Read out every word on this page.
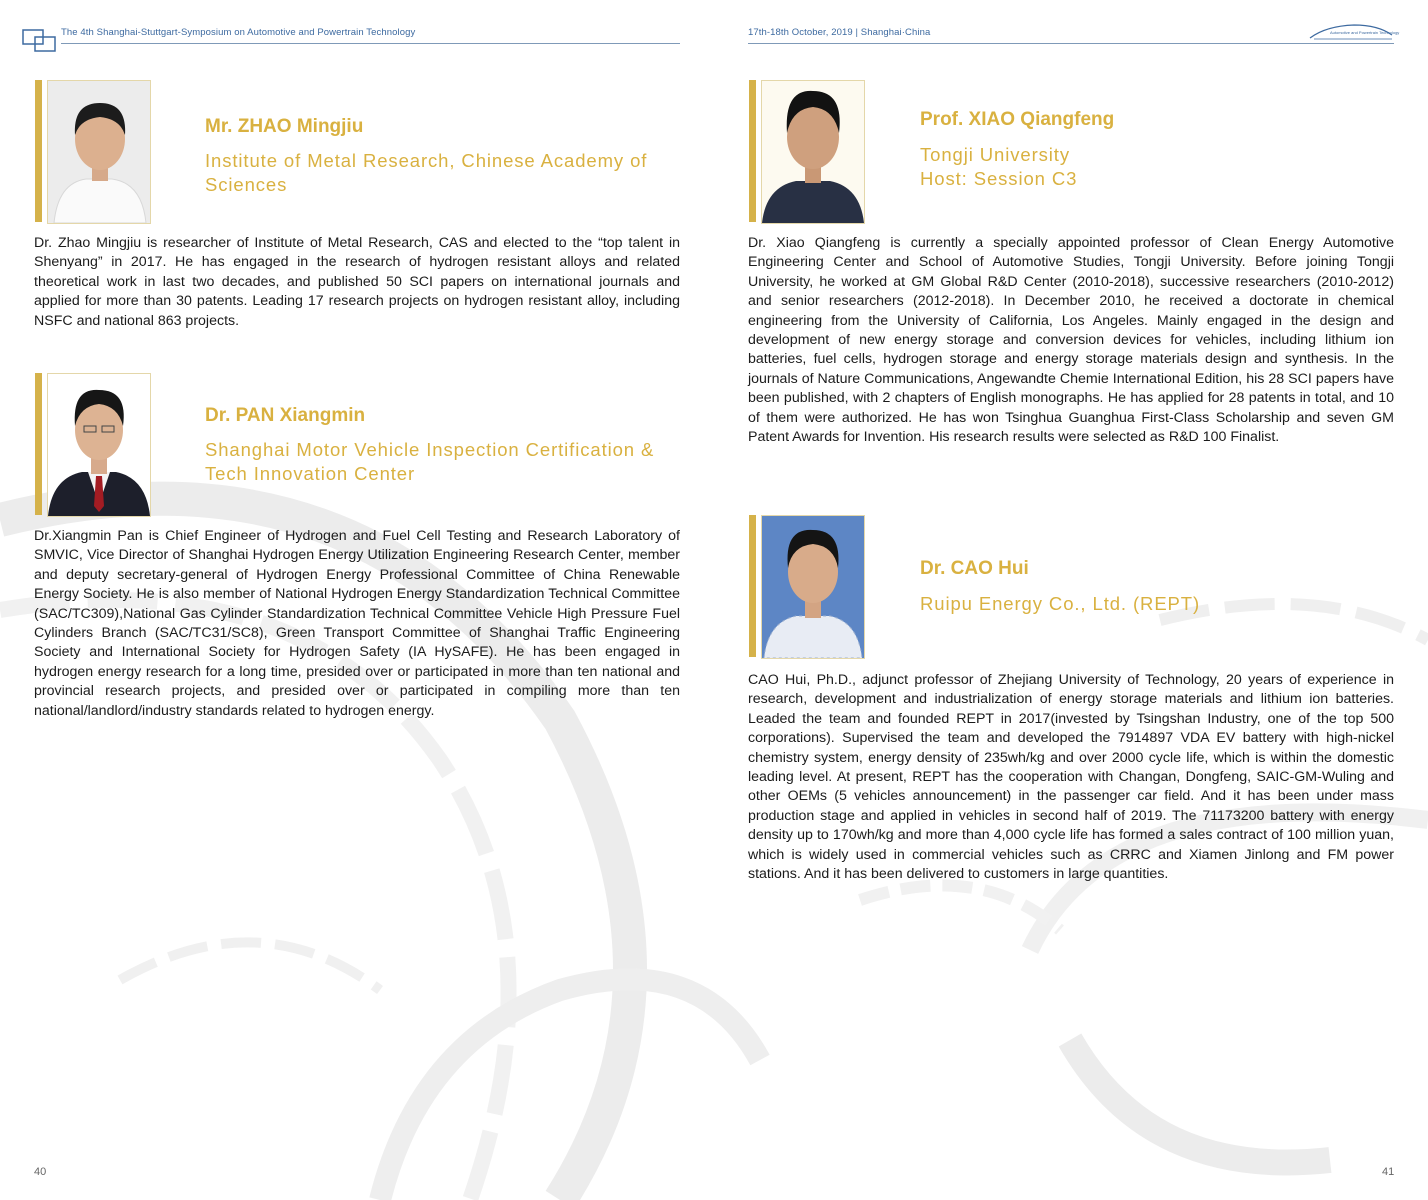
The 4th Shanghai-Stuttgart-Symposium on Automotive and Powertrain Technology	17th-18th October, 2019 | Shanghai·China	Automotive and Powertrain Technology
Mr. ZHAO Mingjiu
Institute of Metal Research, Chinese Academy of Sciences
Dr. Zhao Mingjiu is researcher of Institute of Metal Research, CAS and elected to the “top talent in Shenyang” in 2017. He has engaged in the research of hydrogen resistant alloys and related theoretical work in last two decades, and published 50 SCI papers on international journals and applied for more than 30 patents. Leading 17 research projects on hydrogen resistant alloy, including NSFC and national 863 projects.
Dr. PAN Xiangmin
Shanghai Motor Vehicle Inspection Certification & Tech Innovation Center
Dr.Xiangmin Pan is Chief Engineer of Hydrogen and Fuel Cell Testing and Research Laboratory of SMVIC, Vice Director of Shanghai Hydrogen Energy Utilization Engineering Research Center, member and deputy secretary-general of Hydrogen Energy Professional Committee of China Renewable Energy Society. He is also member of National Hydrogen Energy Standardization Technical Committee (SAC/TC309),National Gas Cylinder Standardization Technical Committee Vehicle High Pressure Fuel Cylinders Branch (SAC/TC31/SC8), Green Transport Committee of Shanghai Traffic Engineering Society and International Society for Hydrogen Safety (IA HySAFE). He has been engaged in hydrogen energy research for a long time, presided over or participated in more than ten national and provincial research projects, and presided over or participated in compiling more than ten national/landlord/industry standards related to hydrogen energy.
Prof. XIAO Qiangfeng
Tongji University
Host: Session C3
Dr. Xiao Qiangfeng is currently a specially appointed professor of Clean Energy Automotive Engineering Center and School of Automotive Studies, Tongji University. Before joining Tongji University, he worked at GM Global R&D Center (2010-2018), successive researchers (2010-2012) and senior researchers (2012-2018). In December 2010, he received a doctorate in chemical engineering from the University of California, Los Angeles. Mainly engaged in the design and development of new energy storage and conversion devices for vehicles, including lithium ion batteries, fuel cells, hydrogen storage and energy storage materials design and synthesis. In the journals of Nature Communications, Angewandte Chemie International Edition, his 28 SCI papers have been published, with 2 chapters of English monographs. He has applied for 28 patents in total, and 10 of them were authorized. He has won Tsinghua Guanghua First-Class Scholarship and seven GM Patent Awards for Invention. His research results were selected as R&D 100 Finalist.
Dr. CAO Hui
Ruipu Energy Co., Ltd. (REPT)
CAO Hui, Ph.D., adjunct professor of Zhejiang University of Technology, 20 years of experience in research, development and industrialization of energy storage materials and lithium ion batteries. Leaded the team and founded REPT in 2017(invested by Tsingshan Industry, one of the top 500 corporations). Supervised the team and developed the 7914897 VDA EV battery with high-nickel chemistry system, energy density of 235wh/kg and over 2000 cycle life, which is within the domestic leading level. At present, REPT has the cooperation with Changan, Dongfeng, SAIC-GM-Wuling and other OEMs (5 vehicles announcement) in the passenger car field. And it has been under mass production stage and applied in vehicles in second half of 2019. The 71173200 battery with energy density up to 170wh/kg and more than 4,000 cycle life has formed a sales contract of 100 million yuan, which is widely used in commercial vehicles such as CRRC and Xiamen Jinlong and FM power stations. And it has been delivered to customers in large quantities.
40	41
